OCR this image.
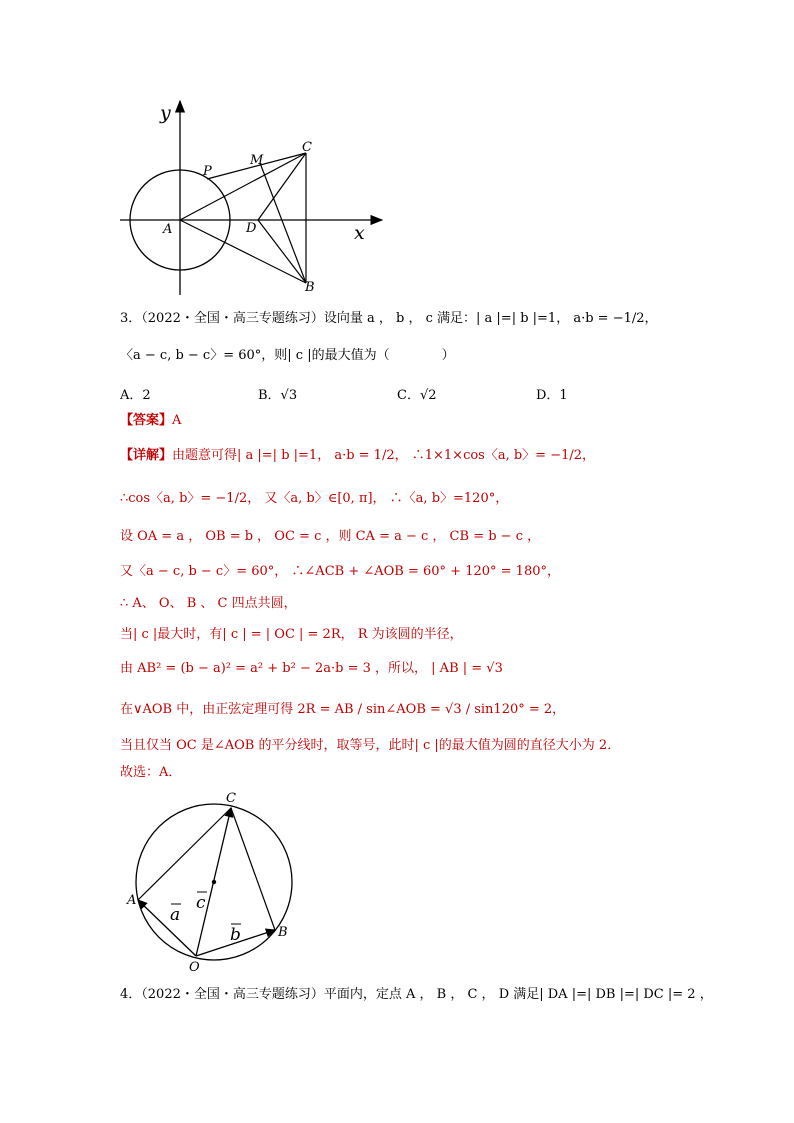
y
x
A
P
M
C
D
B
3．（2022・全国・高三专题练习）设向量 a ， b ， c 满足：| a |=| b |=1， a·b = −1/2，
〈a − c, b − c〉= 60°，则| c |的最大值为（　　　　）
A．2	B．√3	C．√2	D．1
【答案】A
【详解】由题意可得| a |=| b |=1， a·b = 1/2， ∴1×1×cos〈a, b〉= −1/2，
∴cos〈a, b〉= −1/2， 又〈a, b〉∈[0, π]， ∴〈a, b〉=120°，
设 OA = a ， OB = b ， OC = c ，则 CA = a − c ， CB = b − c ，
又〈a − c, b − c〉= 60°， ∴∠ACB + ∠AOB = 60° + 120° = 180°，
∴ A、 O、 B 、 C 四点共圆，
当| c |最大时，有| c | = | OC | = 2R， R 为该圆的半径，
由 AB² = (b − a)² = a² + b² − 2a·b = 3 ，所以， | AB | = √3
在∨AOB 中，由正弦定理可得 2R = AB / sin∠AOB = √3 / sin120° = 2，
当且仅当 OC 是∠AOB 的平分线时，取等号，此时| c |的最大值为圆的直径大小为 2．
故选：A．
C
A
B
O
a
c
b
4．（2022・全国・高三专题练习）平面内，定点 A ， B ， C ， D 满足| DA |=| DB |=| DC |= 2 ，
